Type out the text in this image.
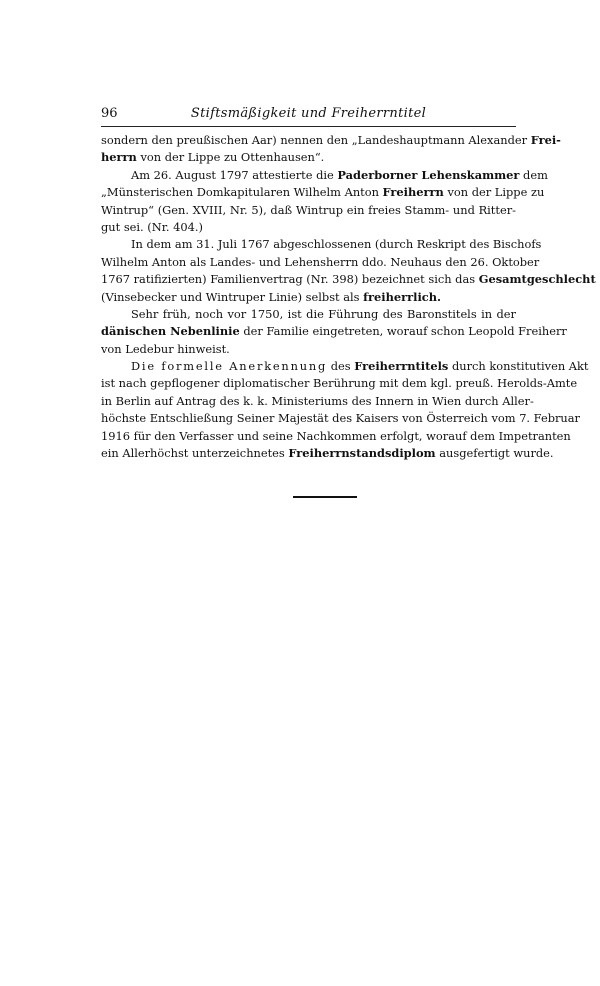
96	Stiftsmäßigkeit und Freiherrntitel
sondern den preußischen Aar) nennen den „Landeshauptmann Alexander Frei-
herrn von der Lippe zu Ottenhausen“.
Am 26. August 1797 attestierte die Paderborner Lehenskammer dem
„Münsterischen Domkapitularen Wilhelm Anton Freiherrn von der Lippe zu
Wintrup“ (Gen. XVIII, Nr. 5), daß Wintrup ein freies Stamm- und Ritter-
gut sei. (Nr. 404.)
In dem am 31. Juli 1767 abgeschlossenen (durch Reskript des Bischofs
Wilhelm Anton als Landes- und Lehensherrn ddo. Neuhaus den 26. Oktober
1767 ratifizierten) Familienvertrag (Nr. 398) bezeichnet sich das Gesamtgeschlecht
(Vinsebecker und Wintruper Linie) selbst als freiherrlich.
Sehr früh, noch vor 1750, ist die Führung des Baronstitels in der
dänischen Nebenlinie der Familie eingetreten, worauf schon Leopold Freiherr
von Ledebur hinweist.
Die formelle Anerkennung des Freiherrntitels durch konstitutiven Akt
ist nach gepflogener diplomatischer Berührung mit dem kgl. preuß. Herolds-Amte
in Berlin auf Antrag des k. k. Ministeriums des Innern in Wien durch Aller-
höchste Entschließung Seiner Majestät des Kaisers von Österreich vom 7. Februar
1916 für den Verfasser und seine Nachkommen erfolgt, worauf dem Impetranten
ein Allerhöchst unterzeichnetes Freiherrnstandsdiplom ausgefertigt wurde.
